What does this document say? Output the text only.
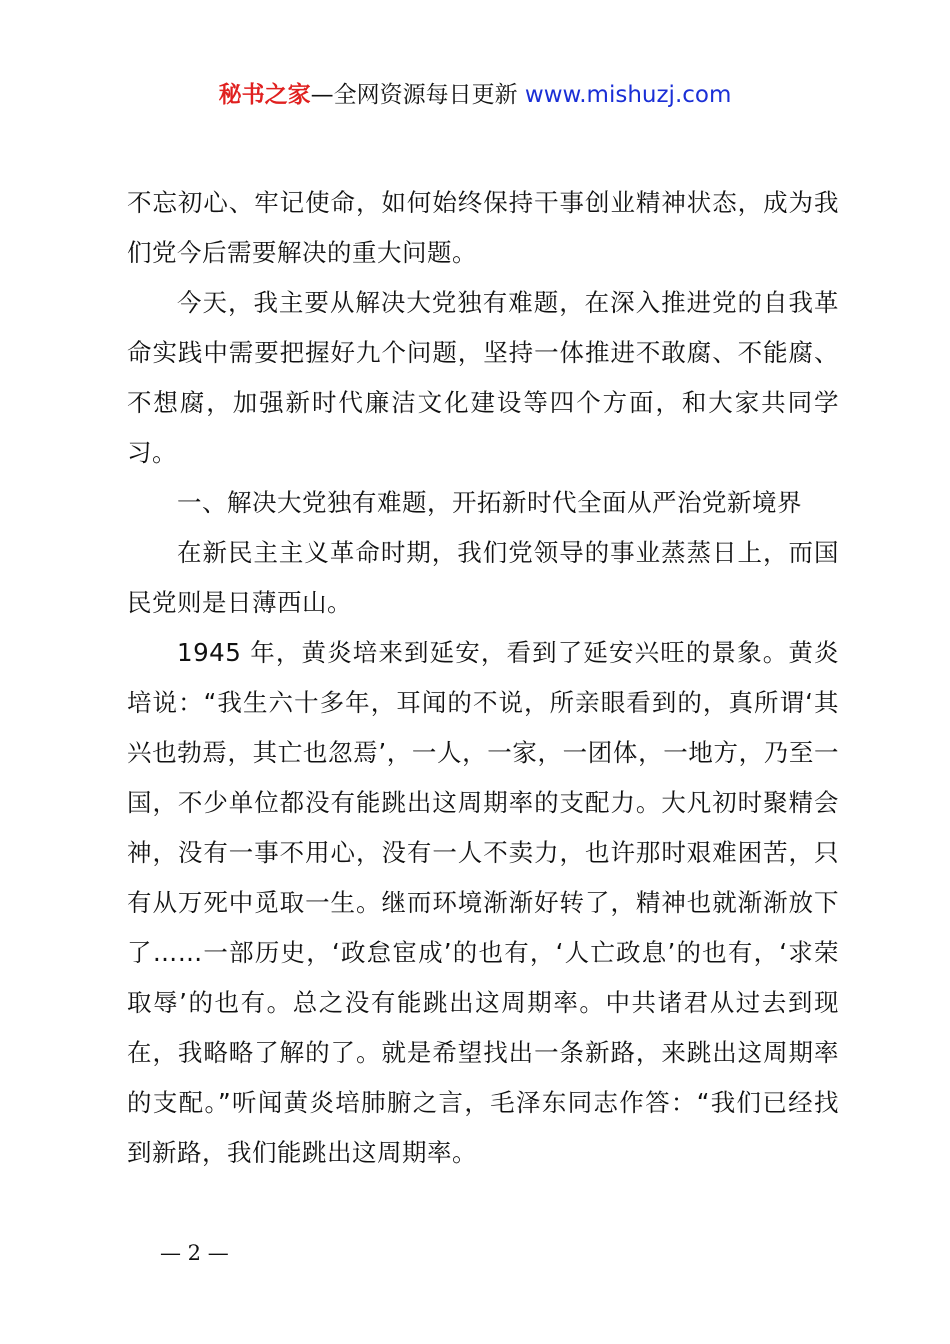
秘书之家—全网资源每日更新 www.mishuzj.com

不忘初心、牢记使命，如何始终保持干事创业精神状态，成为我们党今后需要解决的重大问题。

今天，我主要从解决大党独有难题，在深入推进党的自我革命实践中需要把握好九个问题，坚持一体推进不敢腐、不能腐、不想腐，加强新时代廉洁文化建设等四个方面，和大家共同学习。

一、解决大党独有难题，开拓新时代全面从严治党新境界

在新民主主义革命时期，我们党领导的事业蒸蒸日上，而国民党则是日薄西山。

1945 年，黄炎培来到延安，看到了延安兴旺的景象。黄炎培说：“我生六十多年，耳闻的不说，所亲眼看到的，真所谓‘其兴也勃焉，其亡也忽焉’，一人，一家，一团体，一地方，乃至一国，不少单位都没有能跳出这周期率的支配力。大凡初时聚精会神，没有一事不用心，没有一人不卖力，也许那时艰难困苦，只有从万死中觅取一生。继而环境渐渐好转了，精神也就渐渐放下了……一部历史，‘政怠宦成’的也有，‘人亡政息’的也有，‘求荣取辱’的也有。总之没有能跳出这周期率。中共诸君从过去到现在，我略略了解的了。就是希望找出一条新路，来跳出这周期率的支配。”听闻黄炎培肺腑之言，毛泽东同志作答：“我们已经找到新路，我们能跳出这周期率。

— 2 —
